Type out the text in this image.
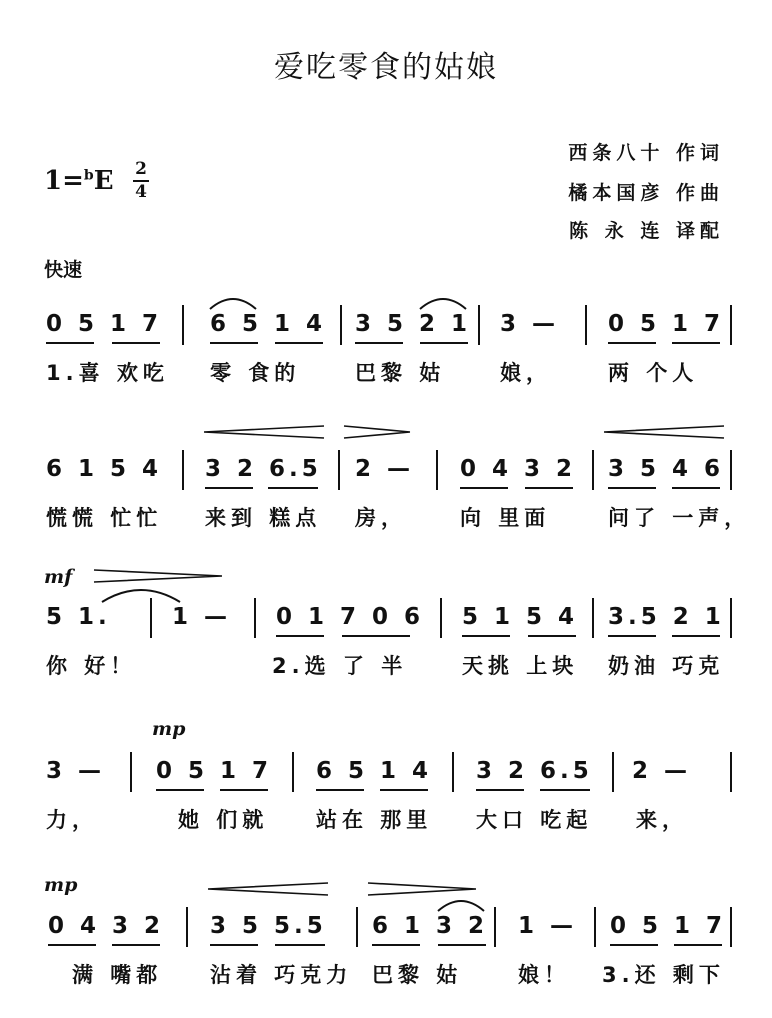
爱吃零食的姑娘
西条八十 作词
橘本国彦 作曲
陈 永 连 译配
1=$^b$E 2
4
快速
mf
mp
mp
0 5 1 7 6 5 1 4 3 5 2 1 3 — 0 5 1 7
1.喜 欢吃 零 食的	巴黎 姑	娘，	两 个人
6 1 5 4 3 2 6.5 2 — 0 4 3 2 3 5 4 6
慌慌 忙忙 来到 糕点 房，	向 里面	问了 一声，
5 1.	1 — 0 1 7 0 6 5 1 5 4 3.5 2 1
你 好！	2.选 了 半	天挑 上块 奶油 巧克
3 — 0 5 1 7 6 5 1 4 3 2 6.5 2 —
力，	她 们就 站在 那里 大口 吃起 来，
0 4 3 2 3 5 5.5 6 1 3 2 1 — 0 5 1 7
满 嘴都 沾着 巧克力 巴黎 姑	娘！ 3.还 剩下
